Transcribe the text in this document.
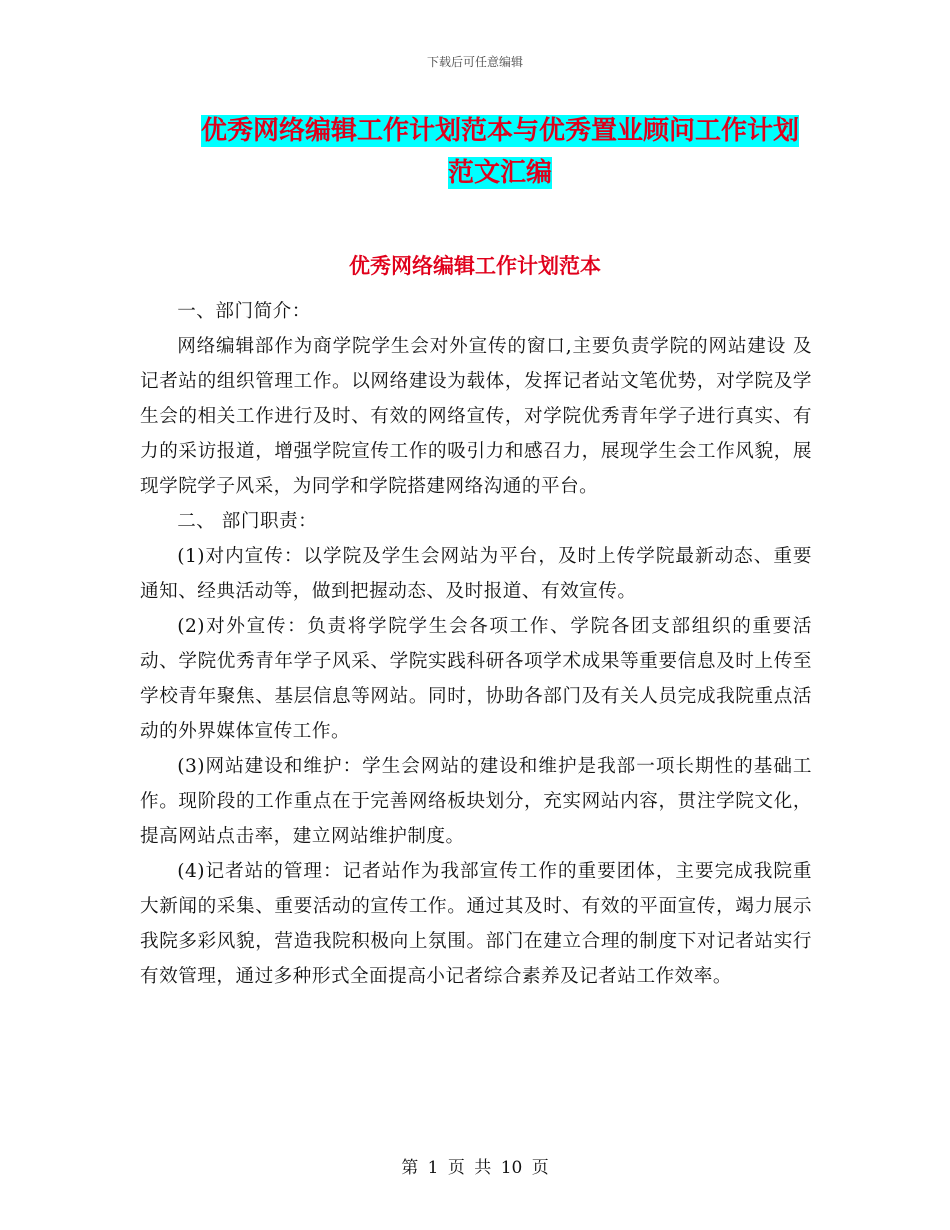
下载后可任意编辑
优秀网络编辑工作计划范本与优秀置业顾问工作计划
范文汇编
优秀网络编辑工作计划范本

一、部门简介：

网络编辑部作为商学院学生会对外宣传的窗口,主要负责学院的网站建设 及记者站的组织管理工作。以网络建设为载体，发挥记者站文笔优势，对学院及学生会的相关工作进行及时、有效的网络宣传，对学院优秀青年学子进行真实、有力的采访报道，增强学院宣传工作的吸引力和感召力，展现学生会工作风貌，展现学院学子风采，为同学和学院搭建网络沟通的平台。

二、 部门职责：

(1)对内宣传：以学院及学生会网站为平台，及时上传学院最新动态、重要通知、经典活动等，做到把握动态、及时报道、有效宣传。

(2)对外宣传：负责将学院学生会各项工作、学院各团支部组织的重要活动、学院优秀青年学子风采、学院实践科研各项学术成果等重要信息及时上传至学校青年聚焦、基层信息等网站。同时，协助各部门及有关人员完成我院重点活动的外界媒体宣传工作。

(3)网站建设和维护：学生会网站的建设和维护是我部一项长期性的基础工作。现阶段的工作重点在于完善网络板块划分，充实网站内容，贯注学院文化，提高网站点击率，建立网站维护制度。

(4)记者站的管理：记者站作为我部宣传工作的重要团体，主要完成我院重大新闻的采集、重要活动的宣传工作。通过其及时、有效的平面宣传，竭力展示我院多彩风貌，营造我院积极向上氛围。部门在建立合理的制度下对记者站实行有效管理，通过多种形式全面提高小记者综合素养及记者站工作效率。

第 1 页 共 10 页
